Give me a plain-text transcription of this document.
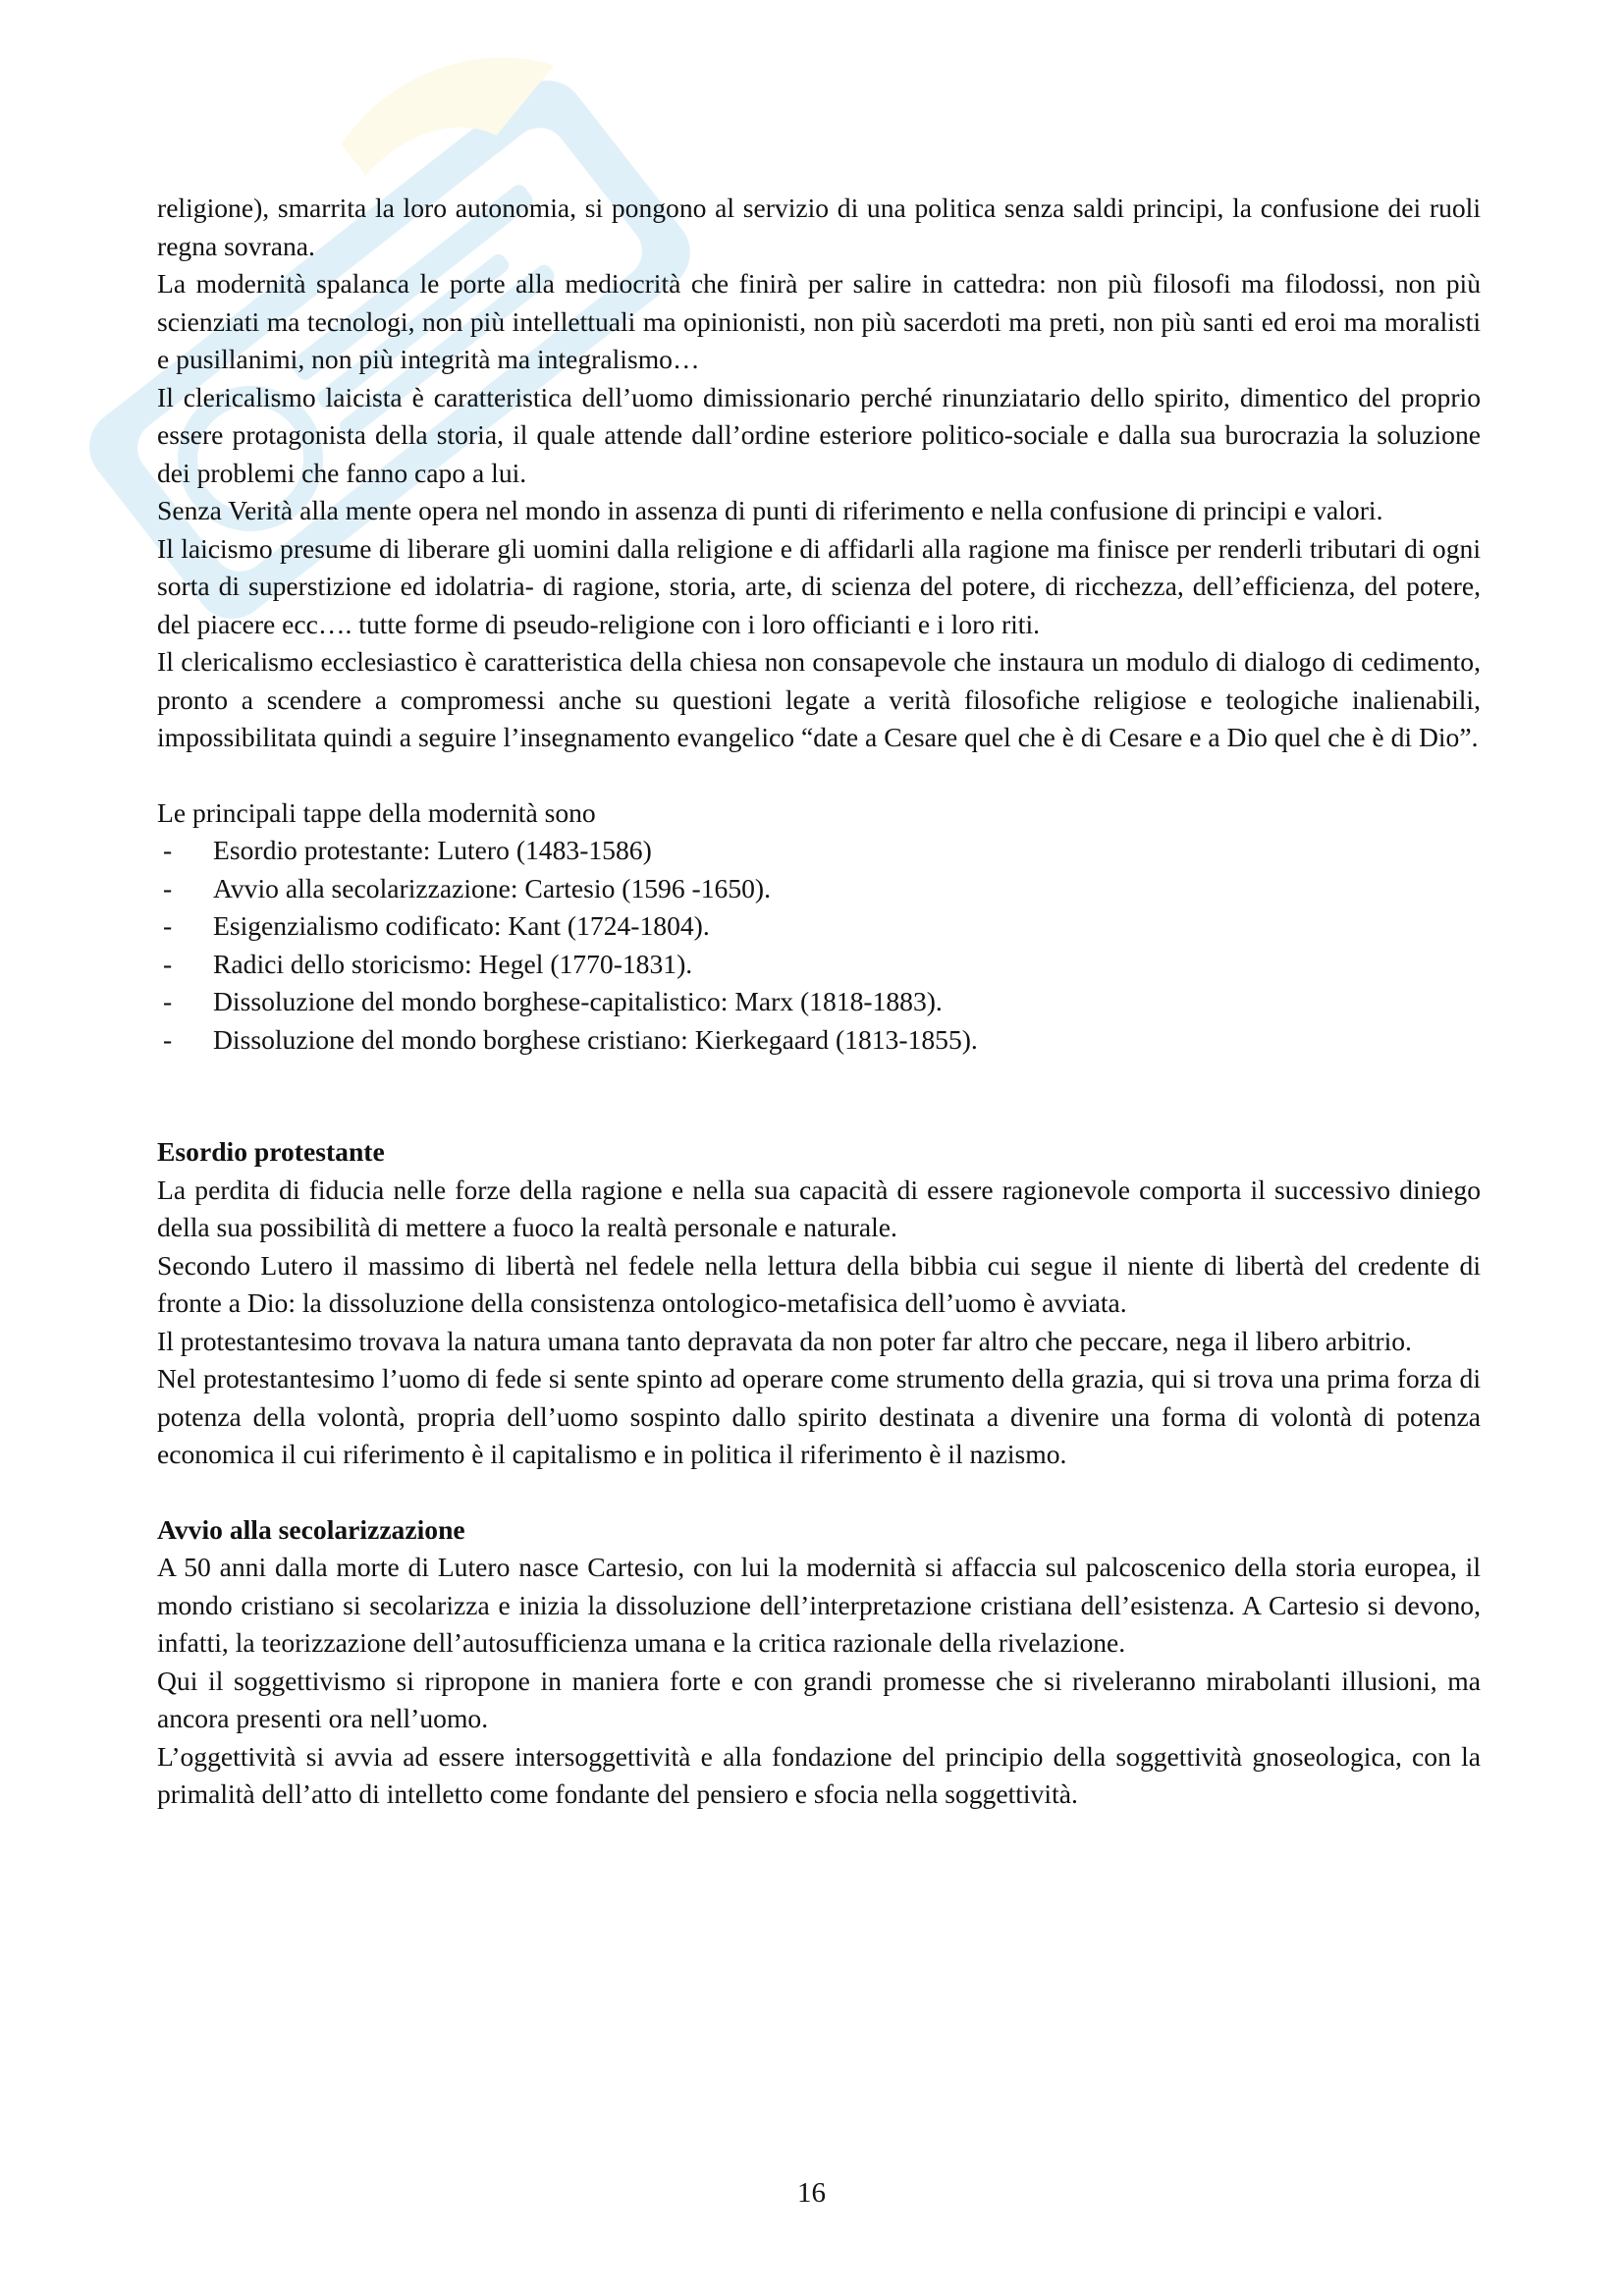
religione), smarrita la loro autonomia, si pongono al servizio di una politica senza saldi principi, la confusione dei ruoli regna sovrana.

La modernità spalanca le porte alla mediocrità che finirà per salire in cattedra: non più filosofi ma filodossi, non più scienziati ma tecnologi, non più intellettuali ma opinionisti, non più sacerdoti ma preti, non più santi ed eroi ma moralisti e pusillanimi, non più integrità ma integralismo…

Il clericalismo laicista è caratteristica dell’uomo dimissionario perché rinunziatario dello spirito, dimentico del proprio essere protagonista della storia, il quale attende dall’ordine esteriore politico-sociale e dalla sua burocrazia la soluzione dei problemi che fanno capo a lui.

Senza Verità alla mente opera nel mondo in assenza di punti di riferimento e nella confusione di principi e valori.

Il laicismo presume di liberare gli uomini dalla religione e di affidarli alla ragione ma finisce per renderli tributari di ogni sorta di superstizione ed idolatria- di ragione, storia, arte, di scienza del potere, di ricchezza, dell’efficienza, del potere, del piacere ecc…. tutte forme di pseudo-religione con i loro officianti e i loro riti.

Il clericalismo ecclesiastico è caratteristica della chiesa non consapevole che instaura un modulo di dialogo di cedimento, pronto a scendere a compromessi anche su questioni legate a verità filosofiche religiose e teologiche inalienabili, impossibilitata quindi a seguire l’insegnamento evangelico “date a Cesare quel che è di Cesare e a Dio quel che è di Dio”.

Le principali tappe della modernità sono

- Esordio protestante: Lutero (1483-1586)
- Avvio alla secolarizzazione: Cartesio (1596 -1650).
- Esigenzialismo codificato: Kant (1724-1804).
- Radici dello storicismo: Hegel (1770-1831).
- Dissoluzione del mondo borghese-capitalistico: Marx (1818-1883).
- Dissoluzione del mondo borghese cristiano: Kierkegaard (1813-1855).
Esordio protestante

La perdita di fiducia nelle forze della ragione e nella sua capacità di essere ragionevole comporta il successivo diniego della sua possibilità di mettere a fuoco la realtà personale e naturale.

Secondo Lutero il massimo di libertà nel fedele nella lettura della bibbia cui segue il niente di libertà del credente di fronte a Dio: la dissoluzione della consistenza ontologico-metafisica dell’uomo è avviata.

Il protestantesimo trovava la natura umana tanto depravata da non poter far altro che peccare, nega il libero arbitrio.

Nel protestantesimo l’uomo di fede si sente spinto ad operare come strumento della grazia, qui si trova una prima forza di potenza della volontà, propria dell’uomo sospinto dallo spirito destinata a divenire una forma di volontà di potenza economica il cui riferimento è il capitalismo e in politica il riferimento è il nazismo.

Avvio alla secolarizzazione

A 50 anni dalla morte di Lutero nasce Cartesio, con lui la modernità si affaccia sul palcoscenico della storia europea, il mondo cristiano si secolarizza e inizia la dissoluzione dell’interpretazione cristiana dell’esistenza. A Cartesio si devono, infatti, la teorizzazione dell’autosufficienza umana e la critica razionale della rivelazione.

Qui il soggettivismo si ripropone in maniera forte e con grandi promesse che si riveleranno mirabolanti illusioni, ma ancora presenti ora nell’uomo.

L’oggettività si avvia ad essere intersoggettività e alla fondazione del principio della soggettività gnoseologica, con la primalità dell’atto di intelletto come fondante del pensiero e sfocia nella soggettività.

16
